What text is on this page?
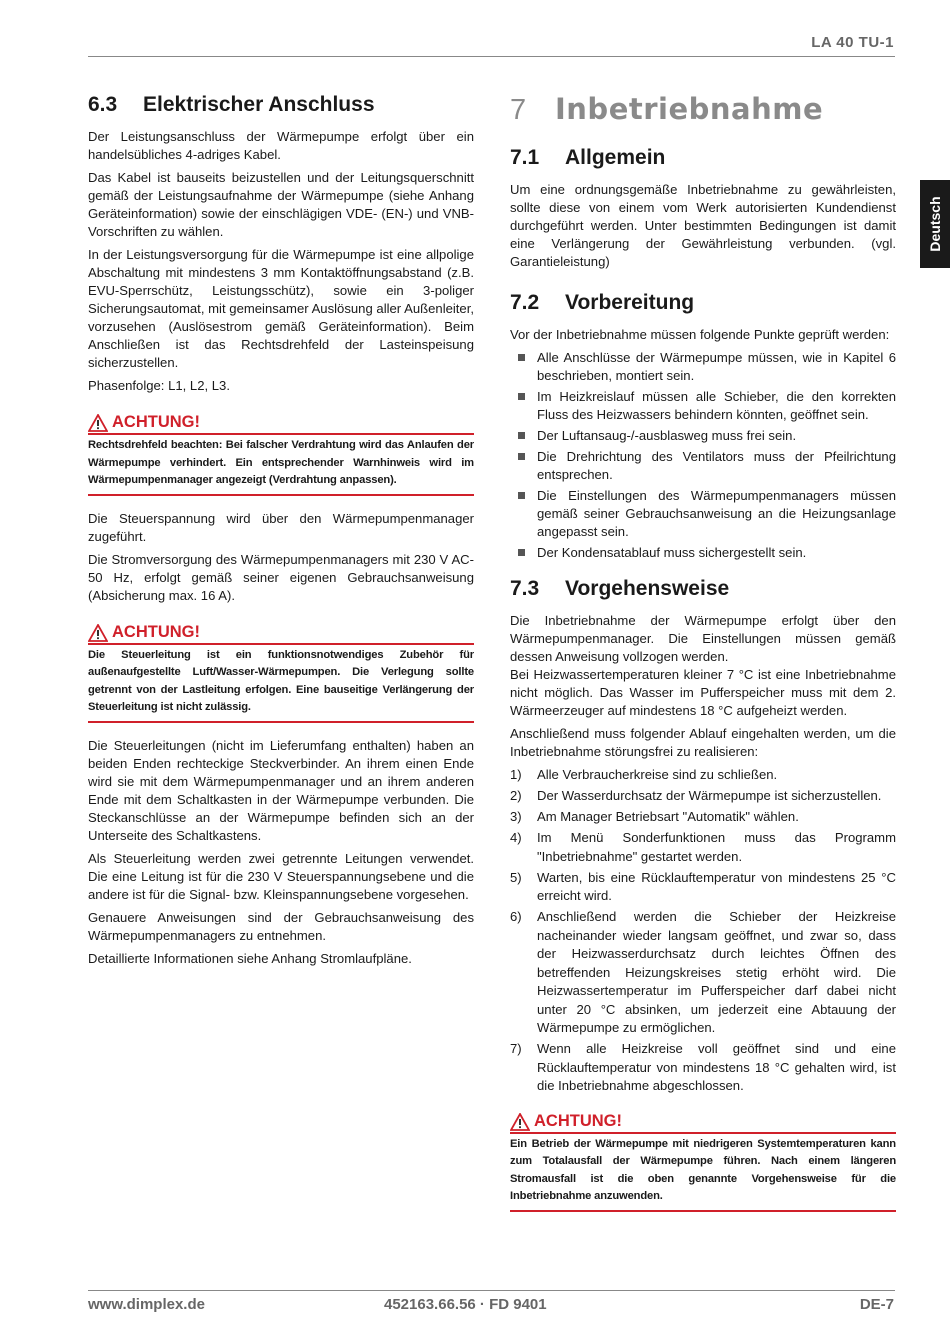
LA 40 TU-1
Deutsch
6.3 Elektrischer Anschluss
Der Leistungsanschluss der Wärmepumpe erfolgt über ein handelsübliches 4-adriges Kabel.
Das Kabel ist bauseits beizustellen und der Leitungsquerschnitt gemäß der Leistungsaufnahme der Wärmepumpe (siehe Anhang Geräteinformation) sowie der einschlägigen VDE- (EN-) und VNB-Vorschriften zu wählen.
In der Leistungsversorgung für die Wärmepumpe ist eine allpolige Abschaltung mit mindestens 3 mm Kontaktöffnungsabstand (z.B. EVU-Sperrschütz, Leistungsschütz), sowie ein 3-poliger Sicherungsautomat, mit gemeinsamer Auslösung aller Außenleiter, vorzusehen (Auslösestrom gemäß Geräteinformation). Beim Anschließen ist das Rechtsdrehfeld der Lasteinspeisung sicherzustellen.
Phasenfolge: L1, L2, L3.
ACHTUNG!
Rechtsdrehfeld beachten: Bei falscher Verdrahtung wird das Anlaufen der Wärmepumpe verhindert. Ein entsprechender Warnhinweis wird im Wärmepumpenmanager angezeigt (Verdrahtung anpassen).
Die Steuerspannung wird über den Wärmepumpenmanager zugeführt.
Die Stromversorgung des Wärmepumpenmanagers mit 230 V AC-50 Hz, erfolgt gemäß seiner eigenen Gebrauchsanweisung (Absicherung max. 16 A).
ACHTUNG!
Die Steuerleitung ist ein funktionsnotwendiges Zubehör für außenaufgestellte Luft/Wasser-Wärmepumpen. Die Verlegung sollte getrennt von der Lastleitung erfolgen. Eine bauseitige Verlängerung der Steuerleitung ist nicht zulässig.
Die Steuerleitungen (nicht im Lieferumfang enthalten) haben an beiden Enden rechteckige Steckverbinder. An ihrem einen Ende wird sie mit dem Wärmepumpenmanager und an ihrem anderen Ende mit dem Schaltkasten in der Wärmepumpe verbunden. Die Steckanschlüsse an der Wärmepumpe befinden sich an der Unterseite des Schaltkastens.
Als Steuerleitung werden zwei getrennte Leitungen verwendet. Die eine Leitung ist für die 230 V Steuerspannungsebene und die andere ist für die Signal- bzw. Kleinspannungsebene vorgesehen.
Genauere Anweisungen sind der Gebrauchsanweisung des Wärmepumpenmanagers zu entnehmen.
Detaillierte Informationen siehe Anhang Stromlaufpläne.
7 Inbetriebnahme
7.1 Allgemein
Um eine ordnungsgemäße Inbetriebnahme zu gewährleisten, sollte diese von einem vom Werk autorisierten Kundendienst durchgeführt werden. Unter bestimmten Bedingungen ist damit eine Verlängerung der Gewährleistung verbunden. (vgl. Garantieleistung)
7.2 Vorbereitung
Vor der Inbetriebnahme müssen folgende Punkte geprüft werden:
Alle Anschlüsse der Wärmepumpe müssen, wie in Kapitel 6 beschrieben, montiert sein.
Im Heizkreislauf müssen alle Schieber, die den korrekten Fluss des Heizwassers behindern könnten, geöffnet sein.
Der Luftansaug-/-ausblasweg muss frei sein.
Die Drehrichtung des Ventilators muss der Pfeilrichtung entsprechen.
Die Einstellungen des Wärmepumpenmanagers müssen gemäß seiner Gebrauchsanweisung an die Heizungsanlage angepasst sein.
Der Kondensatablauf muss sichergestellt sein.
7.3 Vorgehensweise
Die Inbetriebnahme der Wärmepumpe erfolgt über den Wärmepumpenmanager. Die Einstellungen müssen gemäß dessen Anweisung vollzogen werden.
Bei Heizwassertemperaturen kleiner 7 °C ist eine Inbetriebnahme nicht möglich. Das Wasser im Pufferspeicher muss mit dem 2. Wärmeerzeuger auf mindestens 18 °C aufgeheizt werden.
Anschließend muss folgender Ablauf eingehalten werden, um die Inbetriebnahme störungsfrei zu realisieren:
1) Alle Verbraucherkreise sind zu schließen.
2) Der Wasserdurchsatz der Wärmepumpe ist sicherzustellen.
3) Am Manager Betriebsart "Automatik" wählen.
4) Im Menü Sonderfunktionen muss das Programm "Inbetriebnahme" gestartet werden.
5) Warten, bis eine Rücklauftemperatur von mindestens 25 °C erreicht wird.
6) Anschließend werden die Schieber der Heizkreise nacheinander wieder langsam geöffnet, und zwar so, dass der Heizwasserdurchsatz durch leichtes Öffnen des betreffenden Heizungskreises stetig erhöht wird. Die Heizwassertemperatur im Pufferspeicher darf dabei nicht unter 20 °C absinken, um jederzeit eine Abtauung der Wärmepumpe zu ermöglichen.
7) Wenn alle Heizkreise voll geöffnet sind und eine Rücklauftemperatur von mindestens 18 °C gehalten wird, ist die Inbetriebnahme abgeschlossen.
ACHTUNG!
Ein Betrieb der Wärmepumpe mit niedrigeren Systemtemperaturen kann zum Totalausfall der Wärmepumpe führen. Nach einem längeren Stromausfall ist die oben genannte Vorgehensweise für die Inbetriebnahme anzuwenden.
www.dimplex.de	452163.66.56 · FD 9401	DE-7
